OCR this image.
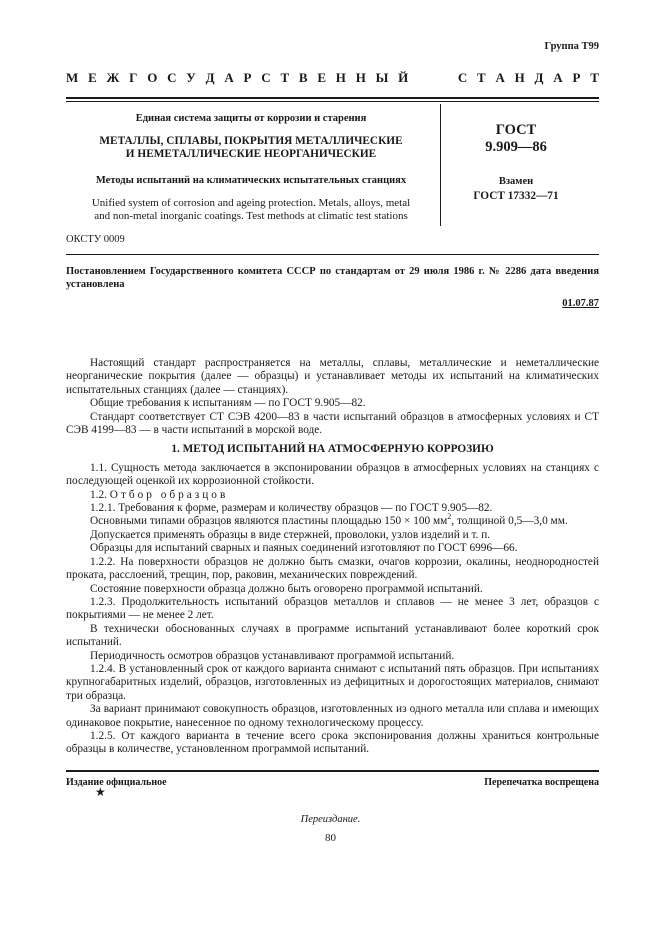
Группа Т99
М Е Ж Г О С У Д А Р С Т В Е Н Н Ы Й	С Т А Н Д А Р Т
Единая система защиты от коррозии и старения
МЕТАЛЛЫ, СПЛАВЫ, ПОКРЫТИЯ МЕТАЛЛИЧЕСКИЕ
И НЕМЕТАЛЛИЧЕСКИЕ НЕОРГАНИЧЕСКИЕ
Методы испытаний на климатических испытательных станциях
Unified system of corrosion and ageing protection. Metals, alloys, metal
and non-metal inorganic coatings. Test methods at climatic test stations
ГОСТ
9.909—86
Взамен
ГОСТ 17332—71
ОКСТУ 0009
Постановлением Государственного комитета СССР по стандартам от 29 июля 1986 г. № 2286 дата введения установлена
01.07.87

Настоящий стандарт распространяется на металлы, сплавы, металлические и неметаллические неорганические покрытия (далее — образцы) и устанавливает методы их испытаний на климатических испытательных станциях (далее — станциях).

Общие требования к испытаниям — по ГОСТ 9.905—82.

Стандарт соответствует СТ СЭВ 4200—83 в части испытаний образцов в атмосферных условиях и СТ СЭВ 4199—83 — в части испытаний в морской воде.

1. МЕТОД ИСПЫТАНИЙ НА АТМОСФЕРНУЮ КОРРОЗИЮ

1.1. Сущность метода заключается в экспонировании образцов в атмосферных условиях на станциях с последующей оценкой их коррозионной стойкости.

1.2. Отбор образцов

1.2.1. Требования к форме, размерам и количеству образцов — по ГОСТ 9.905—82.

Основными типами образцов являются пластины площадью 150 × 100 $мм^2$, толщиной 0,5—3,0 мм.

Допускается применять образцы в виде стержней, проволоки, узлов изделий и т. п.

Образцы для испытаний сварных и паяных соединений изготовляют по ГОСТ 6996—66.

1.2.2. На поверхности образцов не должно быть смазки, очагов коррозии, окалины, неоднородностей проката, расслоений, трещин, пор, раковин, механических повреждений.

Состояние поверхности образца должно быть оговорено программой испытаний.

1.2.3. Продолжительность испытаний образцов металлов и сплавов — не менее 3 лет, образцов с покрытиями — не менее 2 лет.

В технически обоснованных случаях в программе испытаний устанавливают более короткий срок испытаний.

Периодичность осмотров образцов устанавливают программой испытаний.

1.2.4. В установленный срок от каждого варианта снимают с испытаний пять образцов. При испытаниях крупногабаритных изделий, образцов, изготовленных из дефицитных и дорогостоящих материалов, снимают три образца.

За вариант принимают совокупность образцов, изготовленных из одного металла или сплава и имеющих одинаковое покрытие, нанесенное по одному технологическому процессу.

1.2.5. От каждого варианта в течение всего срока экспонирования должны храниться контрольные образцы в количестве, установленном программой испытаний.

Издание официальное
★
Перепечатка воспрещена
Переиздание.
80
